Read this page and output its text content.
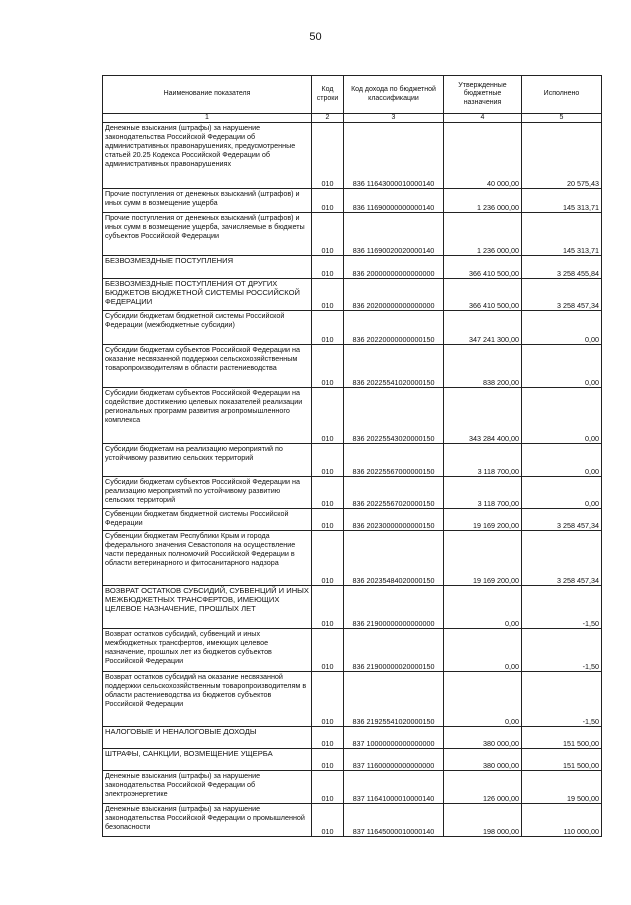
50
Наименование показателя	Код строки	Код дохода по бюджетной классификации	Утвержденные бюджетные назначения	Исполнено
1	2	3	4	5
Денежные взыскания (штрафы) за нарушение законодательства Российской Федерации об административных правонарушениях, предусмотренные статьей 20.25 Кодекса Российской Федерации об административных правонарушениях	010	836 11643000010000140	40 000,00	20 575,43
Прочие поступления от денежных взысканий (штрафов) и иных сумм в возмещение ущерба	010	836 11690000000000140	1 236 000,00	145 313,71
Прочие поступления от денежных взысканий (штрафов) и иных сумм в возмещение ущерба, зачисляемые в бюджеты субъектов Российской Федерации	010	836 11690020020000140	1 236 000,00	145 313,71
БЕЗВОЗМЕЗДНЫЕ ПОСТУПЛЕНИЯ	010	836 20000000000000000	366 410 500,00	3 258 455,84
БЕЗВОЗМЕЗДНЫЕ ПОСТУПЛЕНИЯ ОТ ДРУГИХ БЮДЖЕТОВ БЮДЖЕТНОЙ СИСТЕМЫ РОССИЙСКОЙ ФЕДЕРАЦИИ	010	836 20200000000000000	366 410 500,00	3 258 457,34
Субсидии бюджетам бюджетной системы Российской Федерации (межбюджетные субсидии)	010	836 20220000000000150	347 241 300,00	0,00
Субсидии бюджетам субъектов Российской Федерации на оказание несвязанной поддержки сельскохозяйственным товаропроизводителям в области растениеводства	010	836 20225541020000150	838 200,00	0,00
Субсидии бюджетам субъектов Российской Федерации на содействие достижению целевых показателей реализации региональных программ развития агропромышленного комплекса	010	836 20225543020000150	343 284 400,00	0,00
Субсидии бюджетам на реализацию мероприятий по устойчивому развитию сельских территорий	010	836 20225567000000150	3 118 700,00	0,00
Субсидии бюджетам субъектов Российской Федерации на реализацию мероприятий по устойчивому развитию сельских территорий	010	836 20225567020000150	3 118 700,00	0,00
Субвенции бюджетам бюджетной системы Российской Федерации	010	836 20230000000000150	19 169 200,00	3 258 457,34
Субвенции бюджетам Республики Крым и города федерального значения Севастополя на осуществление части переданных полномочий Российской Федерации в области ветеринарного и фитосанитарного надзора	010	836 20235484020000150	19 169 200,00	3 258 457,34
ВОЗВРАТ ОСТАТКОВ СУБСИДИЙ, СУБВЕНЦИЙ И ИНЫХ МЕЖБЮДЖЕТНЫХ ТРАНСФЕРТОВ, ИМЕЮЩИХ ЦЕЛЕВОЕ НАЗНАЧЕНИЕ, ПРОШЛЫХ ЛЕТ	010	836 21900000000000000	0,00	-1,50
Возврат остатков субсидий, субвенций и иных межбюджетных трансфертов, имеющих целевое назначение, прошлых лет из бюджетов субъектов Российской Федерации	010	836 21900000020000150	0,00	-1,50
Возврат остатков субсидий на оказание несвязанной поддержки сельскохозяйственным товаропроизводителям в области растениеводства из бюджетов субъектов Российской Федерации	010	836 21925541020000150	0,00	-1,50
НАЛОГОВЫЕ И НЕНАЛОГОВЫЕ ДОХОДЫ	010	837 10000000000000000	380 000,00	151 500,00
ШТРАФЫ, САНКЦИИ, ВОЗМЕЩЕНИЕ УЩЕРБА	010	837 11600000000000000	380 000,00	151 500,00
Денежные взыскания (штрафы) за нарушение законодательства Российской Федерации об электроэнергетике	010	837 11641000010000140	126 000,00	19 500,00
Денежные взыскания (штрафы) за нарушение законодательства Российской Федерации о промышленной безопасности	010	837 11645000010000140	198 000,00	110 000,00
